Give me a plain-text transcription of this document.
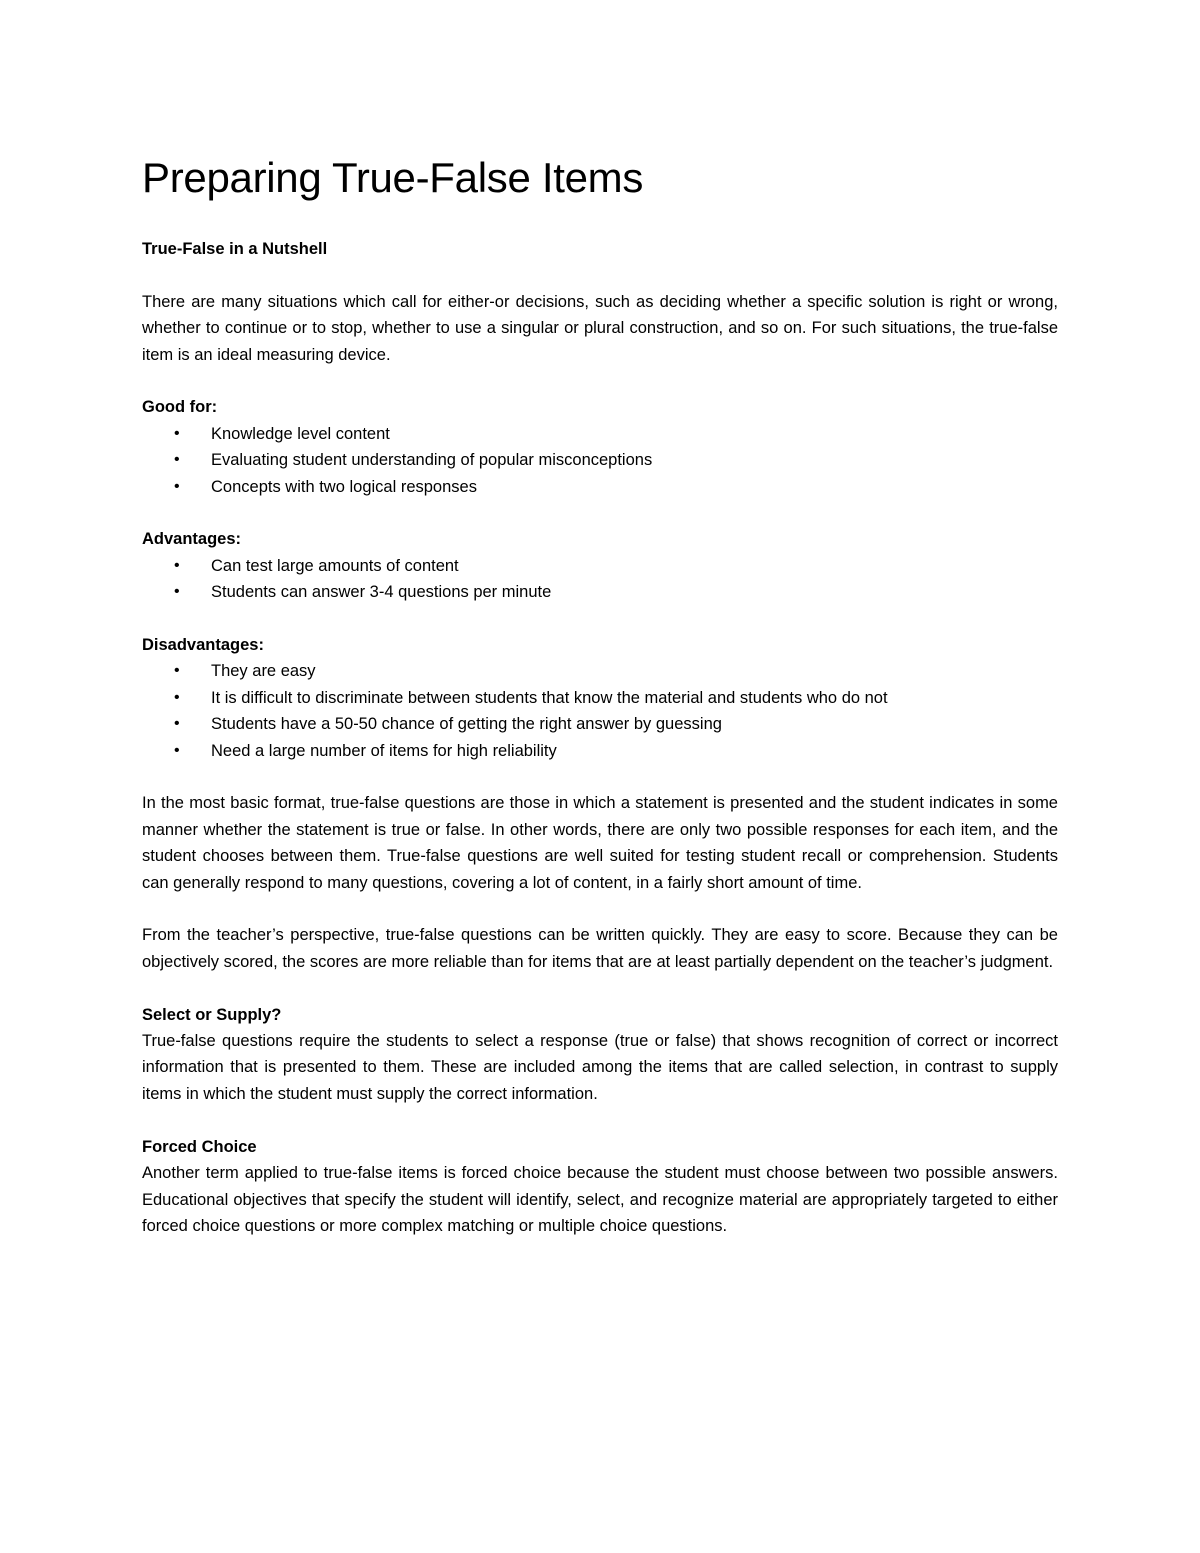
Preparing True-False Items
True-False in a Nutshell

There are many situations which call for either-or decisions, such as deciding whether a specific solution is right or wrong, whether to continue or to stop, whether to use a singular or plural construction, and so on. For such situations, the true-false item is an ideal measuring device.

Good for:
• Knowledge level content
• Evaluating student understanding of popular misconceptions
• Concepts with two logical responses
Advantages:
• Can test large amounts of content
• Students can answer 3-4 questions per minute
Disadvantages:
• They are easy
• It is difficult to discriminate between students that know the material and students who do not
• Students have a 50-50 chance of getting the right answer by guessing
• Need a large number of items for high reliability

In the most basic format, true-false questions are those in which a statement is presented and the student indicates in some manner whether the statement is true or false. In other words, there are only two possible responses for each item, and the student chooses between them. True-false questions are well suited for testing student recall or comprehension. Students can generally respond to many questions, covering a lot of content, in a fairly short amount of time.

From the teacher’s perspective, true-false questions can be written quickly. They are easy to score. Because they can be objectively scored, the scores are more reliable than for items that are at least partially dependent on the teacher’s judgment.

Select or Supply?

True-false questions require the students to select a response (true or false) that shows recognition of correct or incorrect information that is presented to them. These are included among the items that are called selection, in contrast to supply items in which the student must supply the correct information.

Forced Choice

Another term applied to true-false items is forced choice because the student must choose between two possible answers. Educational objectives that specify the student will identify, select, and recognize material are appropriately targeted to either forced choice questions or more complex matching or multiple choice questions.
